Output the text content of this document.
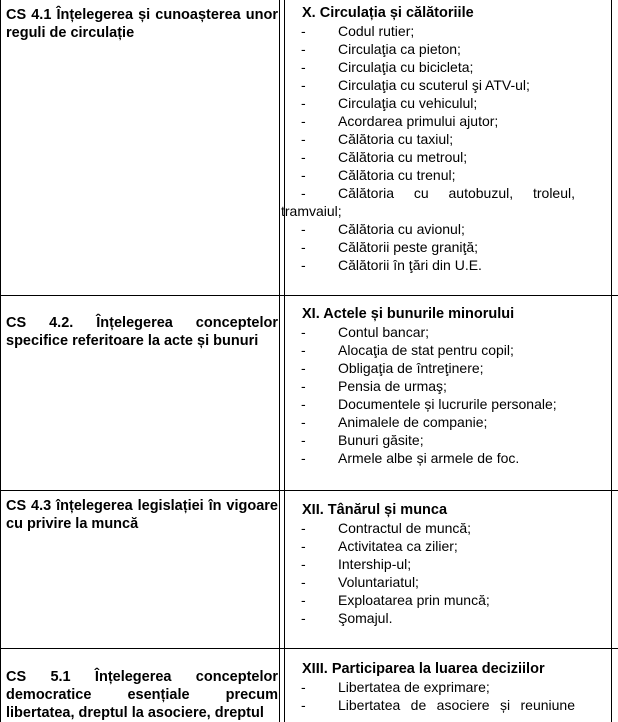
CS 4.1 Înțelegerea și cunoașterea unor reguli de circulație

X. Circulația și călătoriile

- Codul rutier;
- Circulaţia ca pieton;
- Circulaţia cu bicicleta;
- Circulaţia cu scuterul şi ATV-ul;
- Circulaţia cu vehiculul;
- Acordarea primului ajutor;
- Călătoria cu taxiul;
- Călătoria cu metroul;
- Călătoria cu trenul;
- Călătoria cu autobuzul, troleul,
tramvaiul;
- Călătoria cu avionul;
- Călătorii peste graniţă;
- Călătorii în ţări din U.E.

CS 4.2. Înțelegerea conceptelor specifice referitoare la acte și bunuri

XI. Actele și bunurile minorului

- Contul bancar;
- Alocaţia de stat pentru copil;
- Obligaţia de întreţinere;
- Pensia de urmaş;
- Documentele și lucrurile personale;
- Animalele de companie;
- Bunuri găsite;
- Armele albe și armele de foc.

CS 4.3 înțelegerea legislației în vigoare cu privire la muncă

XII. Tânărul și munca

- Contractul de muncă;
- Activitatea ca zilier;
- Intership-ul;
- Voluntariatul;
- Exploatarea prin muncă;
- Şomajul.

CS 5.1 Înțelegerea conceptelor democratice esențiale precum libertatea, dreptul la asociere, dreptul

XIII. Participarea la luarea deciziilor

- Libertatea de exprimare;
- Libertatea de asociere și reuniune
